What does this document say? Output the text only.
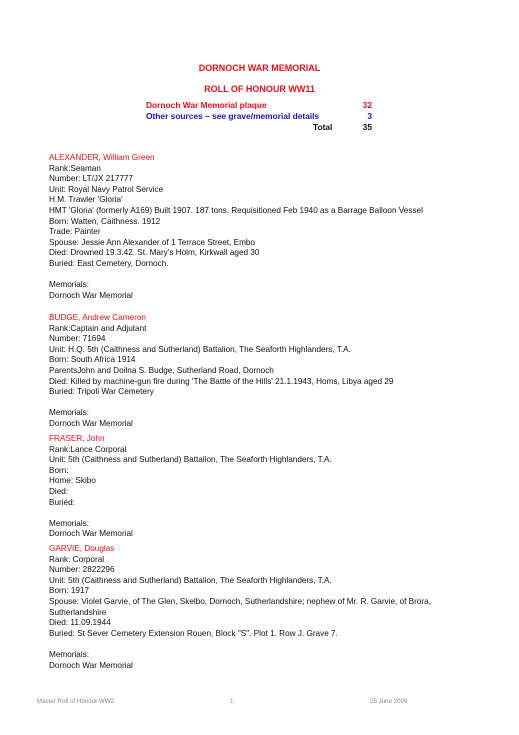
DORNOCH WAR MEMORIAL
ROLL OF HONOUR WW11
Dornoch War Memorial plaque	32
Other sources – see grave/memorial details	3
Total	35
ALEXANDER, William Green
Rank:Seaman
Number: LT/JX 217777
Unit: Royal Navy Patrol Service
H.M. Trawler 'Gloria'
HMT 'Gloria' (formerly A169) Built 1907. 187 tons. Requisitioned Feb 1940 as a Barrage Balloon Vessel
Born: Watten, Caithness. 1912
Trade: Painter
Spouse: Jessie Ann Alexander of 1 Terrace Street, Embo
Died: Drowned 19.3.42. St. Mary's Holm, Kirkwall aged 30
Buried: East Cemetery, Dornoch.
Memorials:
Dornoch War Memorial
BUDGE, Andrew Cameron
Rank:Captain and Adjutant
Number: 71694
Unit: H.Q. 5th (Caithness and Sutherland) Battalion, The Seaforth Highlanders, T.A.
Born: South Africa 1914
ParentsJohn and Doilna S. Budge, Sutherland Road, Dornoch
Died: Killed by machine-gun fire during 'The Battle of the Hills' 21.1.1943, Homs, Libya aged 29
Buried: Tripoli War Cemetery
Memorials:
Dornoch War Memorial
FRASER, John
Rank:Lance Corporal
Unit: 5th (Caithness and Sutherland) Battalion, The Seaforth Highlanders, T.A.
Born:
Home: Skibo
Died:
Buried:
Memorials:
Dornoch War Memorial
GARVIE, Douglas
Rank: Corporal
Number: 2822296
Unit: 5th (Caithness and Sutherland) Battalion, The Seaforth Highlanders, T.A.
Born: 1917
Spouse: Violet Garvie, of The Glen, Skelbo, Dornoch, Sutherlandshire; nephew of Mr. R. Garvie, of Brora,
Sutherlandshire
Died: 11.09.1944
Buried: St Sever Cemetery Extension Rouen, Block "S". Plot 1. Row J. Grave 7.
Memorials:
Dornoch War Memorial
Master Roll of Honour WW2	1	25 June 2009
